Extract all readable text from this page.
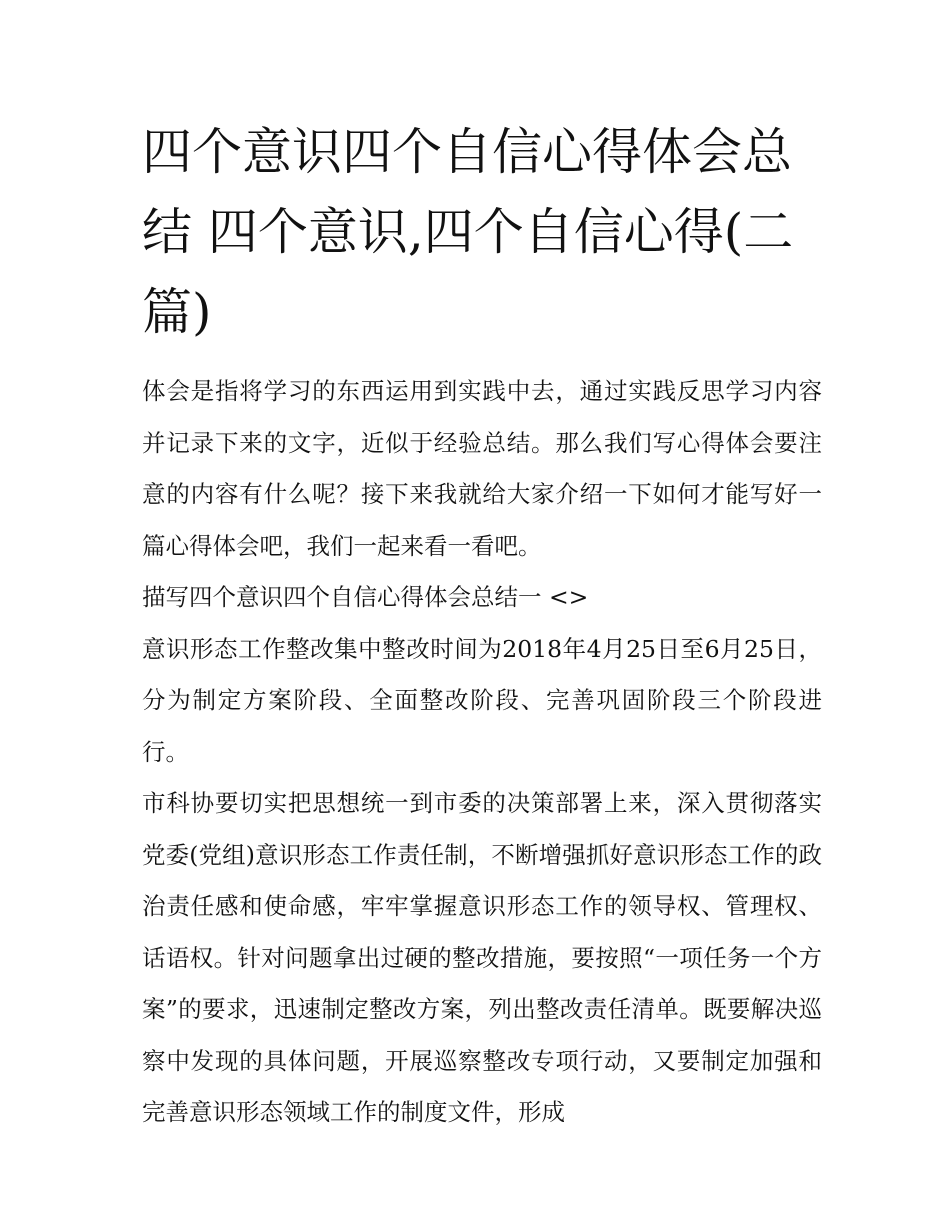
四个意识四个自信心得体会总结 四个意识,四个自信心得(二篇)

体会是指将学习的东西运用到实践中去，通过实践反思学习内容并记录下来的文字，近似于经验总结。那么我们写心得体会要注意的内容有什么呢？接下来我就给大家介绍一下如何才能写好一篇心得体会吧，我们一起来看一看吧。

描写四个意识四个自信心得体会总结一 <>

意识形态工作整改集中整改时间为2018年4月25日至6月25日，分为制定方案阶段、全面整改阶段、完善巩固阶段三个阶段进行。

市科协要切实把思想统一到市委的决策部署上来，深入贯彻落实党委(党组)意识形态工作责任制，不断增强抓好意识形态工作的政治责任感和使命感，牢牢掌握意识形态工作的领导权、管理权、话语权。针对问题拿出过硬的整改措施，要按照“一项任务一个方案”的要求，迅速制定整改方案，列出整改责任清单。既要解决巡察中发现的具体问题，开展巡察整改专项行动，又要制定加强和完善意识形态领域工作的制度文件，形成
